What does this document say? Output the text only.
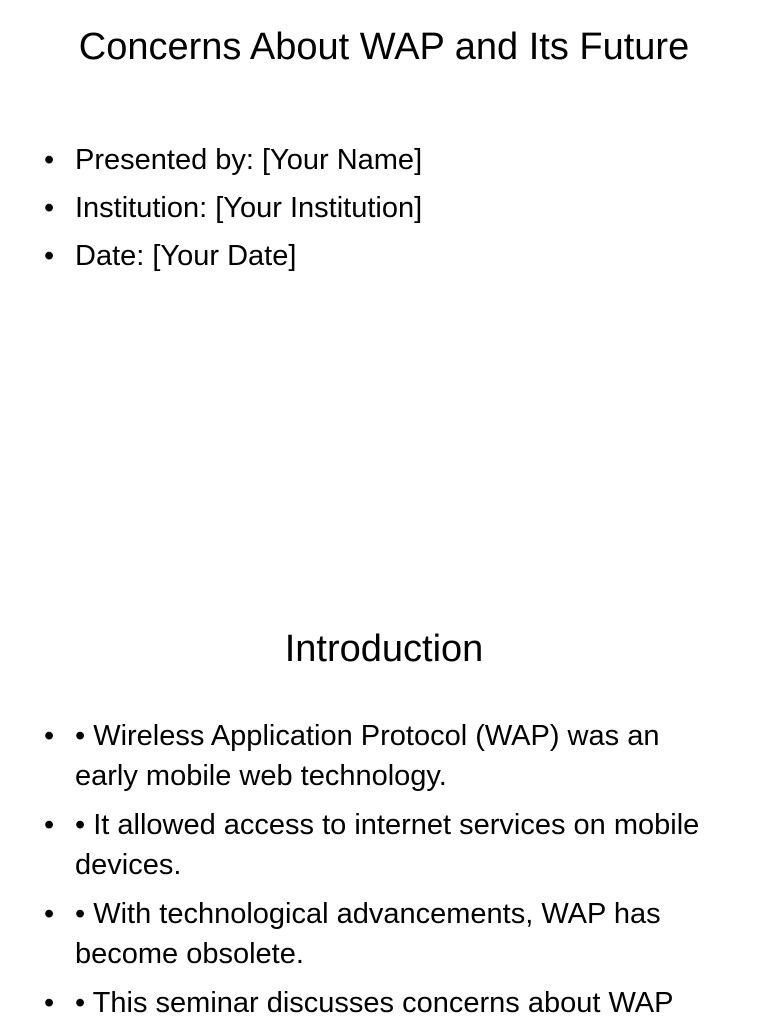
Concerns About WAP and Its Future
• Presented by: [Your Name]
• Institution: [Your Institution]
• Date: [Your Date]
Introduction
• • Wireless Application Protocol (WAP) was an early mobile web technology.
• • It allowed access to internet services on mobile devices.
• • With technological advancements, WAP has become obsolete.
• • This seminar discusses concerns about WAP
